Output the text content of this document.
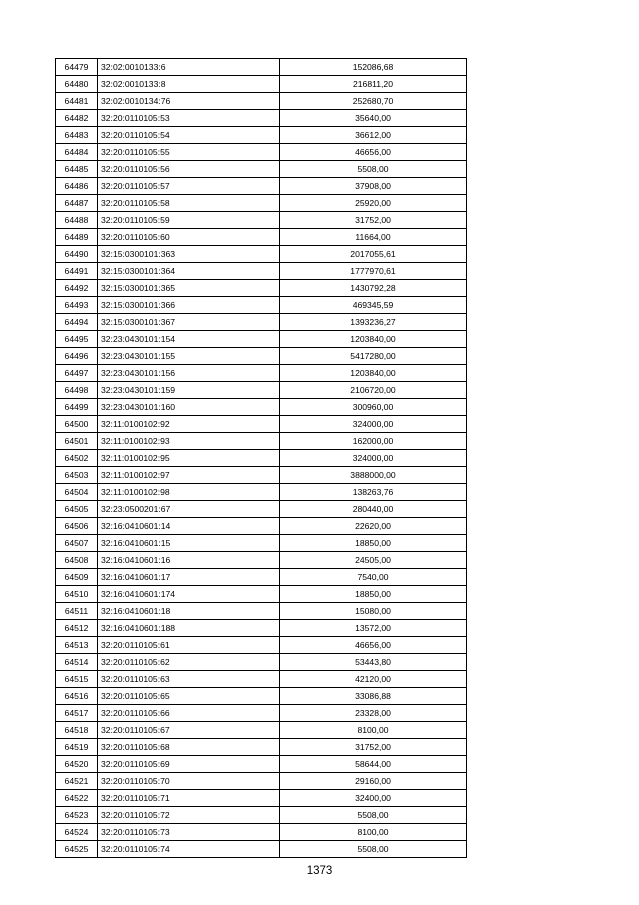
64479	32:02:0010133:6	152086,68
64480	32:02:0010133:8	216811,20
64481	32:02:0010134:76	252680,70
64482	32:20:0110105:53	35640,00
64483	32:20:0110105:54	36612,00
64484	32:20:0110105:55	46656,00
64485	32:20:0110105:56	5508,00
64486	32:20:0110105:57	37908,00
64487	32:20:0110105:58	25920,00
64488	32:20:0110105:59	31752,00
64489	32:20:0110105:60	11664,00
64490	32:15:0300101:363	2017055,61
64491	32:15:0300101:364	1777970,61
64492	32:15:0300101:365	1430792,28
64493	32:15:0300101:366	469345,59
64494	32:15:0300101:367	1393236,27
64495	32:23:0430101:154	1203840,00
64496	32:23:0430101:155	5417280,00
64497	32:23:0430101:156	1203840,00
64498	32:23:0430101:159	2106720,00
64499	32:23:0430101:160	300960,00
64500	32:11:0100102:92	324000,00
64501	32:11:0100102:93	162000,00
64502	32:11:0100102:95	324000,00
64503	32:11:0100102:97	3888000,00
64504	32:11:0100102:98	138263,76
64505	32:23:0500201:67	280440,00
64506	32:16:0410601:14	22620,00
64507	32:16:0410601:15	18850,00
64508	32:16:0410601:16	24505,00
64509	32:16:0410601:17	7540,00
64510	32:16:0410601:174	18850,00
64511	32:16:0410601:18	15080,00
64512	32:16:0410601:188	13572,00
64513	32:20:0110105:61	46656,00
64514	32:20:0110105:62	53443,80
64515	32:20:0110105:63	42120,00
64516	32:20:0110105:65	33086,88
64517	32:20:0110105:66	23328,00
64518	32:20:0110105:67	8100,00
64519	32:20:0110105:68	31752,00
64520	32:20:0110105:69	58644,00
64521	32:20:0110105:70	29160,00
64522	32:20:0110105:71	32400,00
64523	32:20:0110105:72	5508,00
64524	32:20:0110105:73	8100,00
64525	32:20:0110105:74	5508,00
1373
